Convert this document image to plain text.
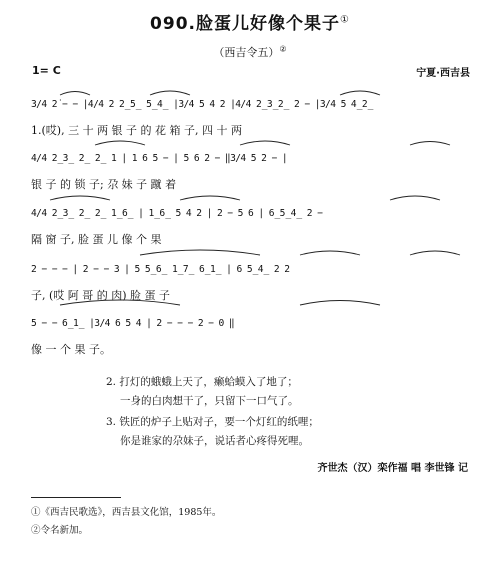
090.脸蛋儿好像个果子①
（西吉令五）②
1= C	宁夏·西吉县
3/4 2̇ − − |4/4 2 2̲5̲ 5̲4̲ |3/4 5 4 2 |4/4 2̲3̲2̲ 2 − |3/4 5 4̲2̲
1.(哎), 三 十 两 银 子 的 花 箱 子, 四 十 两
4/4 2̲3̲ 2̲ 2̲ 1 | 1 6 5 − | 5 6 2 − ‖3/4 5 2 − |
银 子 的 锁 子; 尕 妹 子 蹴 着
4/4 2̲3̲ 2̲ 2̲ 1̲6̲ | 1̲6̲ 5 4 2 | 2 − 5 6 | 6̲5̲4̲ 2 −
隔 窗 子, 脸 蛋 儿 像 个 果
2 − − − | 2 − − 3 | 5 5̲6̲ 1̲7̲ 6̲1̲ | 6 5̲4̲ 2 2
子, (哎 阿 哥 的 肉) 脸 蛋 子
5 − − 6̲1̲ |3/4 6 5 4 | 2 − − − 2 − 0 ‖
像 一 个 果 子。
2. 打灯的蛾蛾上天了，癞蛤蟆入了地了；
一身的白肉想干了，只留下一口气了。
3. 铁匠的炉子上贴对子，要一个灯红的纸哩；
你是谁家的尕妹子，说话者心疼得死哩。
齐世杰（汉）栾作福 唱 李世锋 记
①《西吉民歌选》，西吉县文化馆，1985年。
②令名新加。
